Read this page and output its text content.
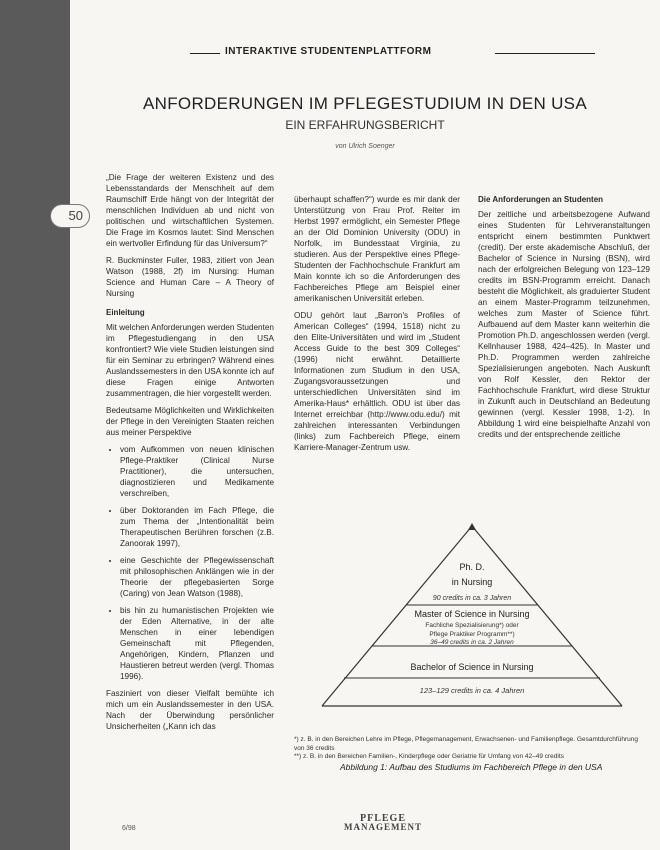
INTERAKTIVE STUDENTENPLATTFORM
ANFORDERUNGEN IM PFLEGESTUDIUM IN DEN USA
EIN ERFAHRUNGSBERICHT
von Ulrich Soenger
50

„Die Frage der weiteren Existenz und des Lebensstandards der Menschheit auf dem Raumschiff Erde hängt von der Integrität der menschlichen Individuen ab und nicht von politischen und wirtschaftlichen Systemen. Die Frage im Kosmos lautet: Sind Menschen ein wertvoller Erfindung für das Universum?“

R. Buckminster Fuller, 1983, zitiert von Jean Watson (1988, 2f) im Nursing: Human Science and Human Care – A Theory of Nursing

Einleitung

Mit welchen Anforderungen werden Studenten im Pflegestudiengang in den USA konfrontiert? Wie viele Studien leistungen sind für ein Seminar zu erbringen? Während eines Auslandssemesters in den USA konnte ich auf diese Fragen einige Antworten zusammentragen, die hier vorgestellt werden.

Bedeutsame Möglichkeiten und Wirklichkeiten der Pflege in den Vereinigten Staaten reichen aus meiner Perspektive

• vom Aufkommen von neuen klinischen Pflege-Praktiker (Clinical Nurse Practitioner), die untersuchen, diagnostizieren und Medikamente verschreiben,
• über Doktoranden im Fach Pflege, die zum Thema der „Intentionalität beim Therapeutischen Berühren forschen (z.B. Zanoorak 1997),
• eine Geschichte der Pflegewissenschaft mit philosophischen Anklängen wie in der Theorie der pflegebasierten Sorge (Caring) von Jean Watson (1988),
• bis hin zu humanistischen Projekten wie der Eden Alternative, in der alte Menschen in einer lebendigen Gemeinschaft mit Pflegenden, Angehörigen, Kindern, Pflanzen und Haustieren betreut werden (vergl. Thomas 1996).

Fasziniert von dieser Vielfalt bemühte ich mich um ein Auslandssemester in den USA. Nach der Überwindung persönlicher Unsicherheiten („Kann ich das

überhaupt schaffen?“) wurde es mir dank der Unterstützung von Frau Prof. Reiter im Herbst 1997 ermöglicht, ein Semester Pflege an der Old Dominion University (ODU) in Norfolk, im Bundesstaat Virginia, zu studieren. Aus der Perspektive eines Pflege-Studenten der Fachhochschule Frankfurt am Main konnte ich so die Anforderungen des Fachbereiches Pflege am Beispiel einer amerikanischen Universität erleben.

ODU gehört laut „Barron's Profiles of American Colleges“ (1994, 1518) nicht zu den Elite-Universitäten und wird im „Student Access Guide to the best 309 Colleges“ (1996) nicht erwähnt. Detaillierte Informationen zum Studium in den USA, Zugangsvoraussetzungen und unterschiedlichen Universitäten sind im Amerika-Haus* erhältlich. ODU ist über das Internet erreichbar (http://www.odu.edu/) mit zahlreichen interessanten Verbindungen (links) zum Fachbereich Pflege, einem Karriere-Manager-Zentrum usw.

Die Anforderungen an Studenten

Der zeitliche und arbeitsbezogene Aufwand eines Studenten für Lehrveranstaltungen entspricht einem bestimmten Punktwert (credit). Der erste akademische Abschluß, der Bachelor of Science in Nursing (BSN), wird nach der erfolgreichen Belegung von 123–129 credits im BSN-Programm erreicht. Danach besteht die Möglichkeit, als graduierter Student an einem Master-Programm teilzunehmen, welches zum Master of Science führt. Aufbauend auf dem Master kann weiterhin die Promotion Ph.D. angeschlossen werden (vergl. Kellnhauser 1988, 424–425). In Master und Ph.D. Programmen werden zahlreiche Spezialisierungen angeboten. Nach Auskunft von Rolf Kessler, den Rektor der Fachhochschule Frankfurt, wird diese Struktur in Zukunft auch in Deutschland an Bedeutung gewinnen (vergl. Kessler 1998, 1-2). In Abbildung 1 wird eine beispielhafte Anzahl von credits und der entsprechende zeitliche

Ph. D.
in Nursing
90 credits in ca. 3 Jahren
Master of Science in Nursing
Fachliche Spezialisierung*) oder
Pflege Praktiker Programm**)
36–49 credits in ca. 2 Jahren
Bachelor of Science in Nursing
123–129 credits in ca. 4 Jahren
*) z. B. in den Bereichen Lehre im Pflege, Pflegemanagement, Erwachsenen- und Familienpflege. Gesamtdurchführung von 36 credits
**) z. B. in den Bereichen Familien-, Kinderpflege oder Geriatrie für Umfang von 42–49 credits
Abbildung 1: Aufbau des Studiums im Fachbereich Pflege in den USA
6/98
PFLEGE
MANAGEMENT
